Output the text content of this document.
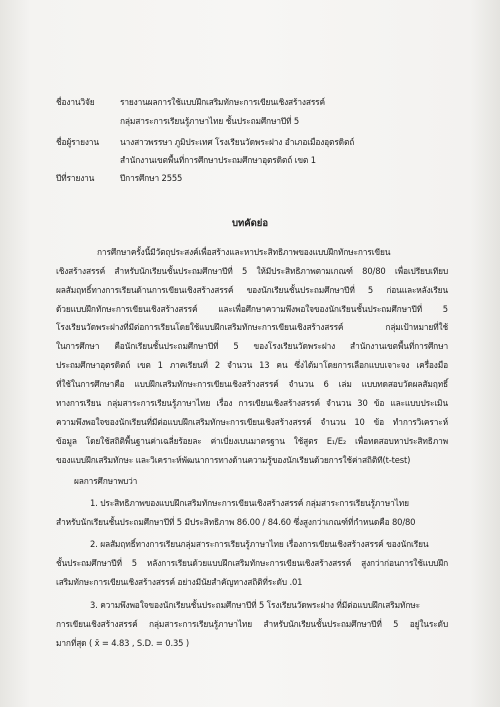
ชื่องานวิจัย	รายงานผลการใช้แบบฝึกเสริมทักษะการเขียนเชิงสร้างสรรค์
กลุ่มสาระการเรียนรู้ภาษาไทย ชั้นประถมศึกษาปีที่ 5
ชื่อผู้รายงาน	นางสาวพรรษา ภูมิประเทศ โรงเรียนวัดพระฝาง อำเภอเมืองอุตรดิตถ์
สำนักงานเขตพื้นที่การศึกษาประถมศึกษาอุตรดิตถ์ เขต 1
ปีที่รายงาน	ปีการศึกษา 2555
บทคัดย่อ
การศึกษาครั้งนี้มีวัตถุประสงค์เพื่อสร้างและหาประสิทธิภาพของแบบฝึกทักษะการเขียน
เชิงสร้างสรรค์ สำหรับนักเรียนชั้นประถมศึกษาปีที่ 5 ให้มีประสิทธิภาพตามเกณฑ์ 80/80 เพื่อเปรียบเทียบ
ผลสัมฤทธิ์ทางการเรียนด้านการเขียนเชิงสร้างสรรค์ ของนักเรียนชั้นประถมศึกษาปีที่ 5 ก่อนและหลังเรียน
ด้วยแบบฝึกทักษะการเขียนเชิงสร้างสรรค์ และเพื่อศึกษาความพึงพอใจของนักเรียนชั้นประถมศึกษาปีที่ 5
โรงเรียนวัดพระฝางที่มีต่อการเรียนโดยใช้แบบฝึกเสริมทักษะการเขียนเชิงสร้างสรรค์ กลุ่มเป้าหมายที่ใช้
ในการศึกษา คือนักเรียนชั้นประถมศึกษาปีที่ 5 ของโรงเรียนวัดพระฝาง สำนักงานเขตพื้นที่การศึกษา
ประถมศึกษาอุตรดิตถ์ เขต 1 ภาคเรียนที่ 2 จำนวน 13 คน ซึ่งได้มาโดยการเลือกแบบเจาะจง เครื่องมือ
ที่ใช้ในการศึกษาคือ แบบฝึกเสริมทักษะการเขียนเชิงสร้างสรรค์ จำนวน 6 เล่ม แบบทดสอบวัดผลสัมฤทธิ์
ทางการเรียน กลุ่มสาระการเรียนรู้ภาษาไทย เรื่อง การเขียนเชิงสร้างสรรค์ จำนวน 30 ข้อ และแบบประเมิน
ความพึงพอใจของนักเรียนที่มีต่อแบบฝึกเสริมทักษะการเขียนเชิงสร้างสรรค์ จำนวน 10 ข้อ ทำการวิเคราะห์
ข้อมูล โดยใช้สถิติพื้นฐานค่าเฉลี่ยร้อยละ ค่าเบี่ยงเบนมาตรฐาน ใช้สูตร E₁/E₂ เพื่อทดสอบหาประสิทธิภาพ
ของแบบฝึกเสริมทักษะ และวิเคราะห์พัฒนาการทางด้านความรู้ของนักเรียนด้วยการใช้ค่าสถิติที(t-test)
ผลการศึกษาพบว่า
1. ประสิทธิภาพของแบบฝึกเสริมทักษะการเขียนเชิงสร้างสรรค์ กลุ่มสาระการเรียนรู้ภาษาไทย
สำหรับนักเรียนชั้นประถมศึกษาปีที่ 5 มีประสิทธิภาพ 86.00 / 84.60 ซึ่งสูงกว่าเกณฑ์ที่กำหนดคือ 80/80
2. ผลสัมฤทธิ์ทางการเรียนกลุ่มสาระการเรียนรู้ภาษาไทย เรื่องการเขียนเชิงสร้างสรรค์ ของนักเรียน
ชั้นประถมศึกษาปีที่ 5 หลังการเรียนด้วยแบบฝึกเสริมทักษะการเขียนเชิงสร้างสรรค์ สูงกว่าก่อนการใช้แบบฝึก
เสริมทักษะการเขียนเชิงสร้างสรรค์ อย่างมีนัยสำคัญทางสถิติที่ระดับ .01
3. ความพึงพอใจของนักเรียนชั้นประถมศึกษาปีที่ 5 โรงเรียนวัดพระฝาง ที่มีต่อแบบฝึกเสริมทักษะ
การเขียนเชิงสร้างสรรค์ กลุ่มสาระการเรียนรู้ภาษาไทย สำหรับนักเรียนชั้นประถมศึกษาปีที่ 5 อยู่ในระดับ
มากที่สุด ( x̄ = 4.83 , S.D. = 0.35 )
